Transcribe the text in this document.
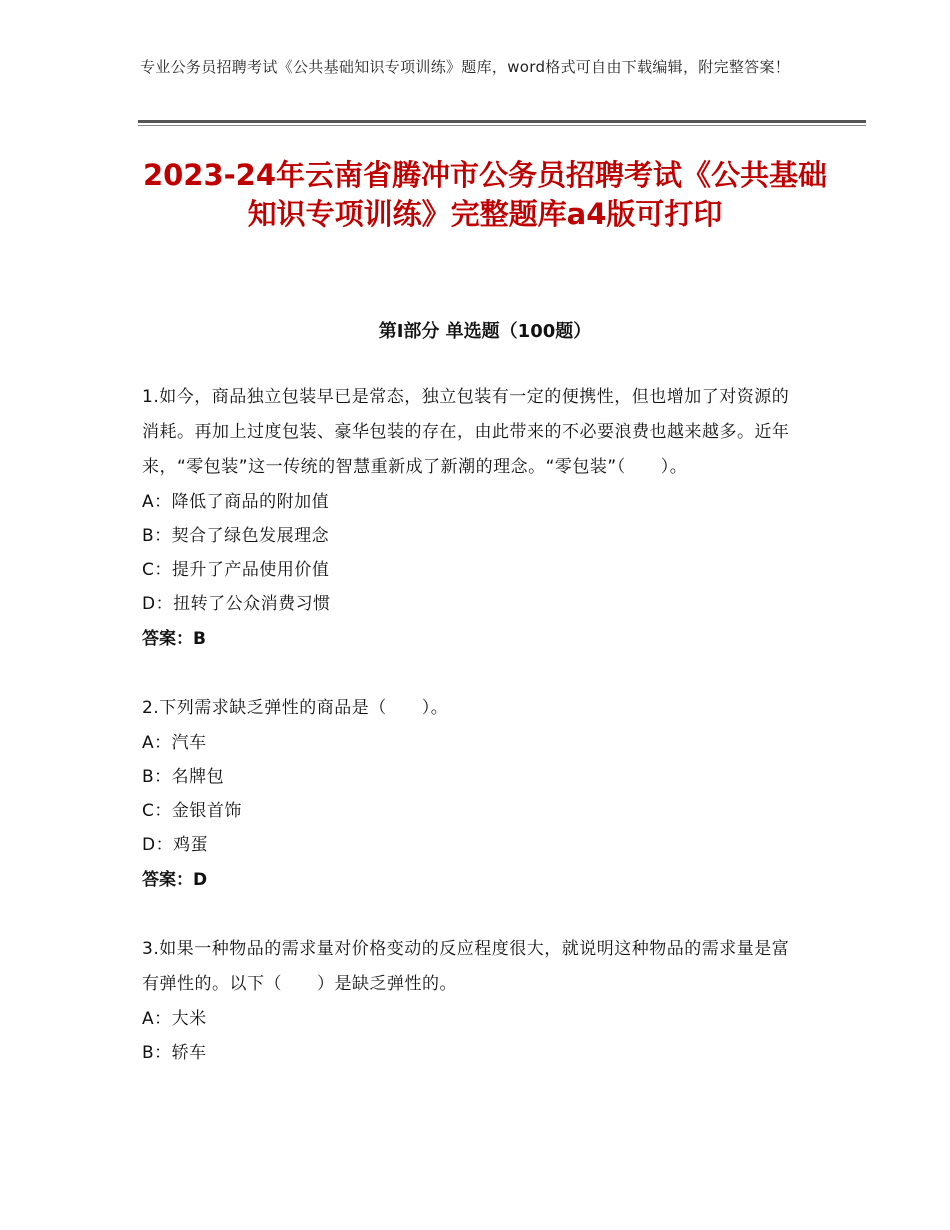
专业公务员招聘考试《公共基础知识专项训练》题库，word格式可自由下载编辑，附完整答案！
2023-24年云南省腾冲市公务员招聘考试《公共基础知识专项训练》完整题库a4版可打印
第Ⅰ部分 单选题（100题）
1.如今，商品独立包装早已是常态，独立包装有一定的便携性，但也增加了对资源的消耗。再加上过度包装、豪华包装的存在，由此带来的不必要浪费也越来越多。近年来，“零包装”这一传统的智慧重新成了新潮的理念。“零包装”（　　）。
A：降低了商品的附加值
B：契合了绿色发展理念
C：提升了产品使用价值
D：扭转了公众消费习惯
答案：B
2.下列需求缺乏弹性的商品是（　　）。
A：汽车
B：名牌包
C：金银首饰
D：鸡蛋
答案：D
3.如果一种物品的需求量对价格变动的反应程度很大，就说明这种物品的需求量是富有弹性的。以下（　　）是缺乏弹性的。
A：大米
B：轿车
